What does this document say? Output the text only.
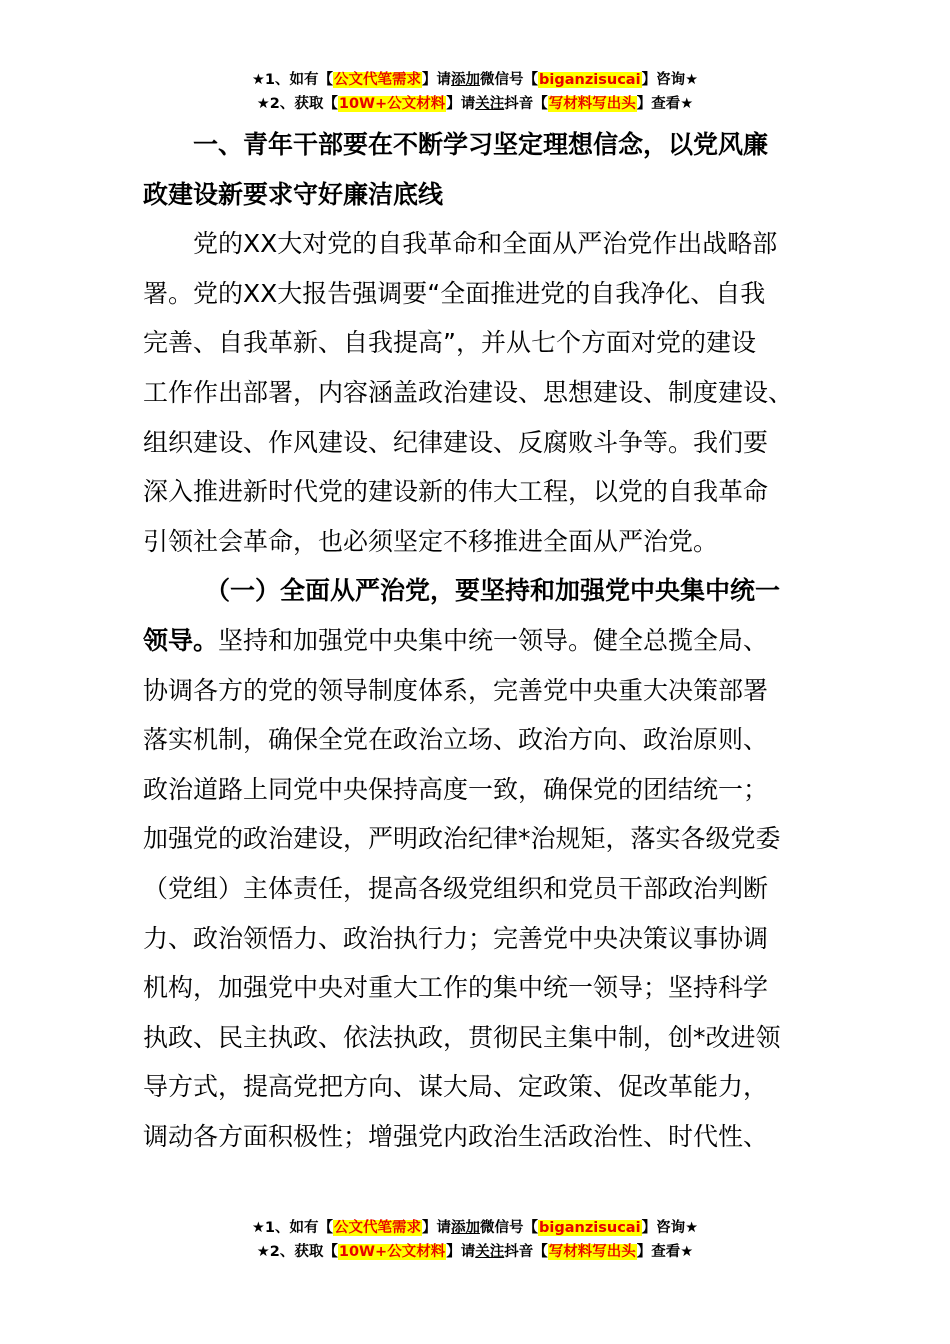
★1、如有【公文代笔需求】请添加微信号【biganzisucai】咨询★
★2、获取【10W+公文材料】请关注抖音【写材料写出头】查看★
一、青年干部要在不断学习坚定理想信念，以党风廉
政建设新要求守好廉洁底线
党的XX大对党的自我革命和全面从严治党作出战略部
署。党的XX大报告强调要“全面推进党的自我净化、自我
完善、自我革新、自我提高”，并从七个方面对党的建设
工作作出部署，内容涵盖政治建设、思想建设、制度建设、
组织建设、作风建设、纪律建设、反腐败斗争等。我们要
深入推进新时代党的建设新的伟大工程，以党的自我革命
引领社会革命，也必须坚定不移推进全面从严治党。
（一）全面从严治党，要坚持和加强党中央集中统一
领导。坚持和加强党中央集中统一领导。健全总揽全局、
协调各方的党的领导制度体系，完善党中央重大决策部署
落实机制，确保全党在政治立场、政治方向、政治原则、
政治道路上同党中央保持高度一致，确保党的团结统一；
加强党的政治建设，严明政治纪律*治规矩，落实各级党委
（党组）主体责任，提高各级党组织和党员干部政治判断
力、政治领悟力、政治执行力；完善党中央决策议事协调
机构，加强党中央对重大工作的集中统一领导；坚持科学
执政、民主执政、依法执政，贯彻民主集中制，创*改进领
导方式，提高党把方向、谋大局、定政策、促改革能力，
调动各方面积极性；增强党内政治生活政治性、时代性、
★1、如有【公文代笔需求】请添加微信号【biganzisucai】咨询★
★2、获取【10W+公文材料】请关注抖音【写材料写出头】查看★
